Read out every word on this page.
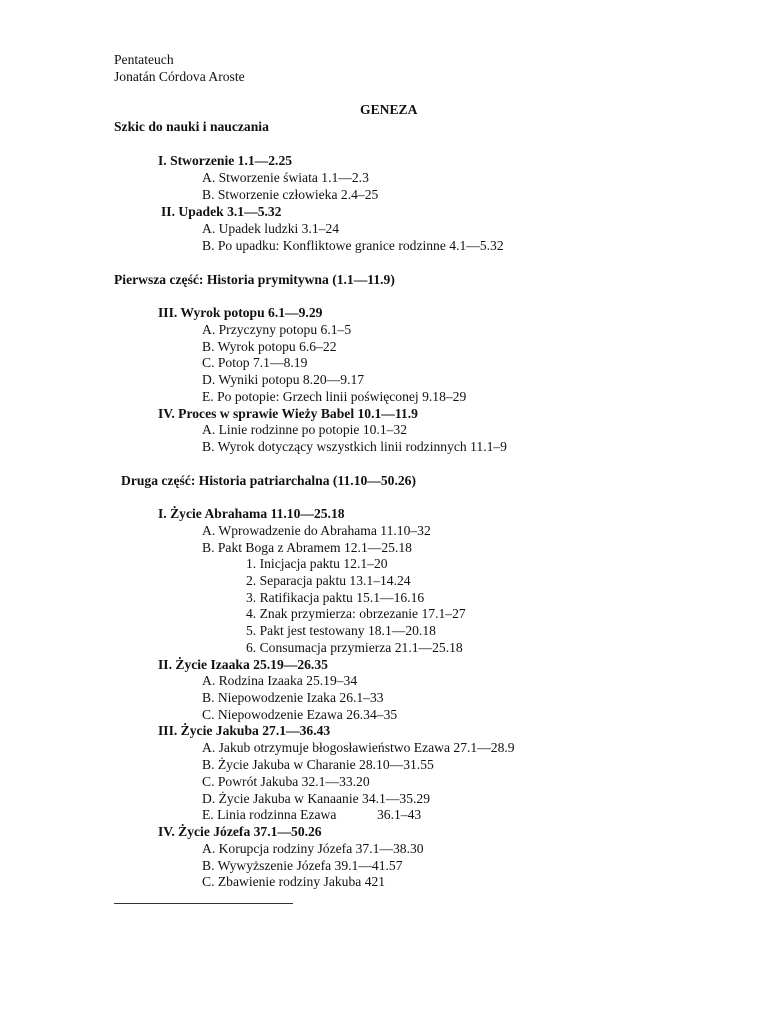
Pentateuch
Jonatán Córdova Aroste
GENEZA
Szkic do nauki i nauczania
I. Stworzenie 1.1—2.25
A. Stworzenie świata 1.1—2.3
B. Stworzenie człowieka 2.4–25
II. Upadek 3.1—5.32
A. Upadek ludzki 3.1–24
B. Po upadku: Konfliktowe granice rodzinne 4.1—5.32
Pierwsza część: Historia prymitywna (1.1—11.9)
III. Wyrok potopu 6.1—9.29
A. Przyczyny potopu 6.1–5
B. Wyrok potopu 6.6–22
C. Potop 7.1—8.19
D. Wyniki potopu 8.20—9.17
E. Po potopie: Grzech linii poświęconej 9.18–29
IV. Proces w sprawie Wieży Babel 10.1—11.9
A. Linie rodzinne po potopie 10.1–32
B. Wyrok dotyczący wszystkich linii rodzinnych 11.1–9
Druga część: Historia patriarchalna (11.10—50.26)
I. Życie Abrahama 11.10—25.18
A. Wprowadzenie do Abrahama 11.10–32
B. Pakt Boga z Abramem 12.1—25.18
1. Inicjacja paktu 12.1–20
2. Separacja paktu 13.1–14.24
3. Ratifikacja paktu 15.1—16.16
4. Znak przymierza: obrzezanie 17.1–27
5. Pakt jest testowany 18.1—20.18
6. Consumacja przymierza 21.1—25.18
II. Życie Izaaka 25.19—26.35
A. Rodzina Izaaka 25.19–34
B. Niepowodzenie Izaka 26.1–33
C. Niepowodzenie Ezawa 26.34–35
III. Życie Jakuba 27.1—36.43
A. Jakub otrzymuje błogosławieństwo Ezawa 27.1—28.9
B. Życie Jakuba w Charanie 28.10—31.55
C. Powrót Jakuba 32.1—33.20
D. Życie Jakuba w Kanaanie 34.1—35.29
E. Linia rodzinna Ezawa	36.1–43
IV. Życie Józefa 37.1—50.26
A. Korupcja rodziny Józefa 37.1—38.30
B. Wywyższenie Józefa 39.1—41.57
C. Zbawienie rodziny Jakuba 421
